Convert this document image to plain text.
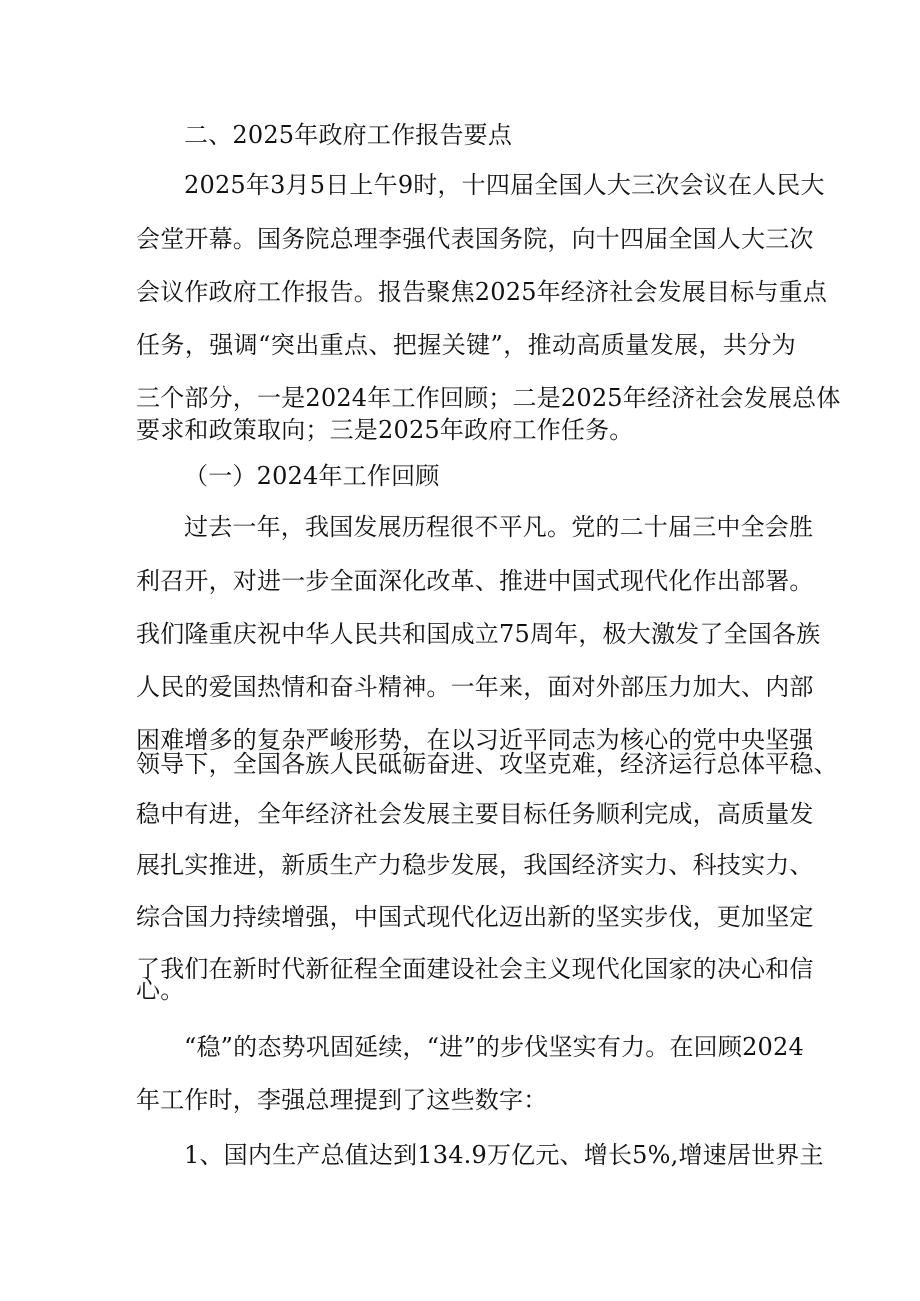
二、2025年政府工作报告要点
2025年3月5日上午9时，十四届全国人大三次会议在人民大
会堂开幕。国务院总理李强代表国务院，向十四届全国人大三次
会议作政府工作报告。报告聚焦2025年经济社会发展目标与重点
任务，强调“突出重点、把握关键”，推动高质量发展，共分为
三个部分，一是2024年工作回顾；二是2025年经济社会发展总体
要求和政策取向；三是2025年政府工作任务。
（一）2024年工作回顾
过去一年，我国发展历程很不平凡。党的二十届三中全会胜
利召开，对进一步全面深化改革、推进中国式现代化作出部署。
我们隆重庆祝中华人民共和国成立75周年，极大激发了全国各族
人民的爱国热情和奋斗精神。一年来，面对外部压力加大、内部
困难增多的复杂严峻形势，在以习近平同志为核心的党中央坚强
领导下，全国各族人民砥砺奋进、攻坚克难，经济运行总体平稳、
稳中有进，全年经济社会发展主要目标任务顺利完成，高质量发
展扎实推进，新质生产力稳步发展，我国经济实力、科技实力、
综合国力持续增强，中国式现代化迈出新的坚实步伐，更加坚定
了我们在新时代新征程全面建设社会主义现代化国家的决心和信
心。
“稳”的态势巩固延续，“进”的步伐坚实有力。在回顾2024
年工作时，李强总理提到了这些数字：
1、国内生产总值达到134.9万亿元、增长5%,增速居世界主
